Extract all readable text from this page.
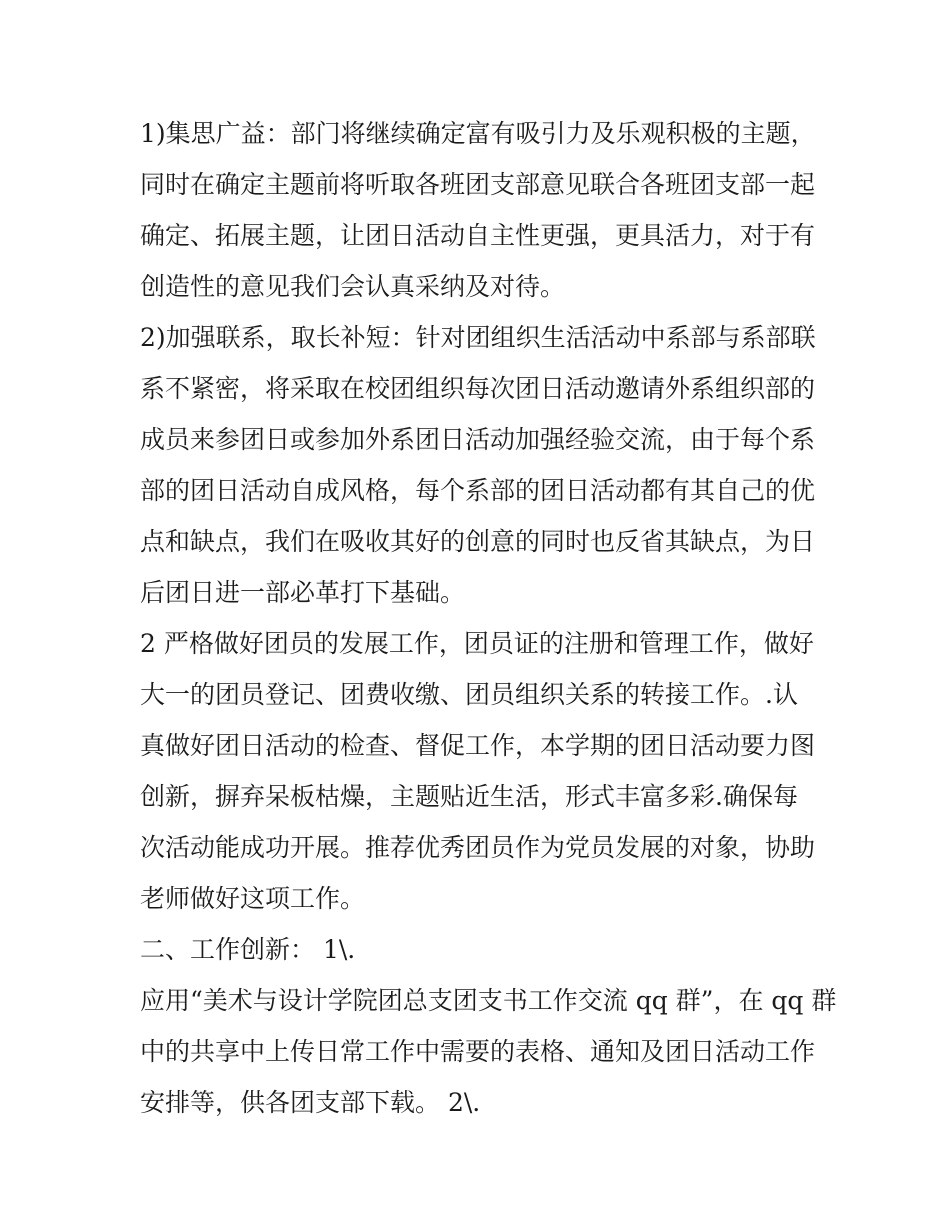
1)集思广益：部门将继续确定富有吸引力及乐观积极的主题，
同时在确定主题前将听取各班团支部意见联合各班团支部一起
确定、拓展主题，让团日活动自主性更强，更具活力，对于有
创造性的意见我们会认真采纳及对待。
2)加强联系，取长补短：针对团组织生活活动中系部与系部联
系不紧密，将采取在校团组织每次团日活动邀请外系组织部的
成员来参团日或参加外系团日活动加强经验交流，由于每个系
部的团日活动自成风格，每个系部的团日活动都有其自己的优
点和缺点，我们在吸收其好的创意的同时也反省其缺点，为日
后团日进一部必革打下基础。
2 严格做好团员的发展工作，团员证的注册和管理工作，做好
大一的团员登记、团费收缴、团员组织关系的转接工作。.认
真做好团日活动的检查、督促工作，本学期的团日活动要力图
创新，摒弃呆板枯燥，主题贴近生活，形式丰富多彩.确保每
次活动能成功开展。推荐优秀团员作为党员发展的对象，协助
老师做好这项工作。
二、工作创新： 1\.
应用“美术与设计学院团总支团支书工作交流 qq 群”，在 qq 群
中的共享中上传日常工作中需要的表格、通知及团日活动工作
安排等，供各团支部下载。 2\.
